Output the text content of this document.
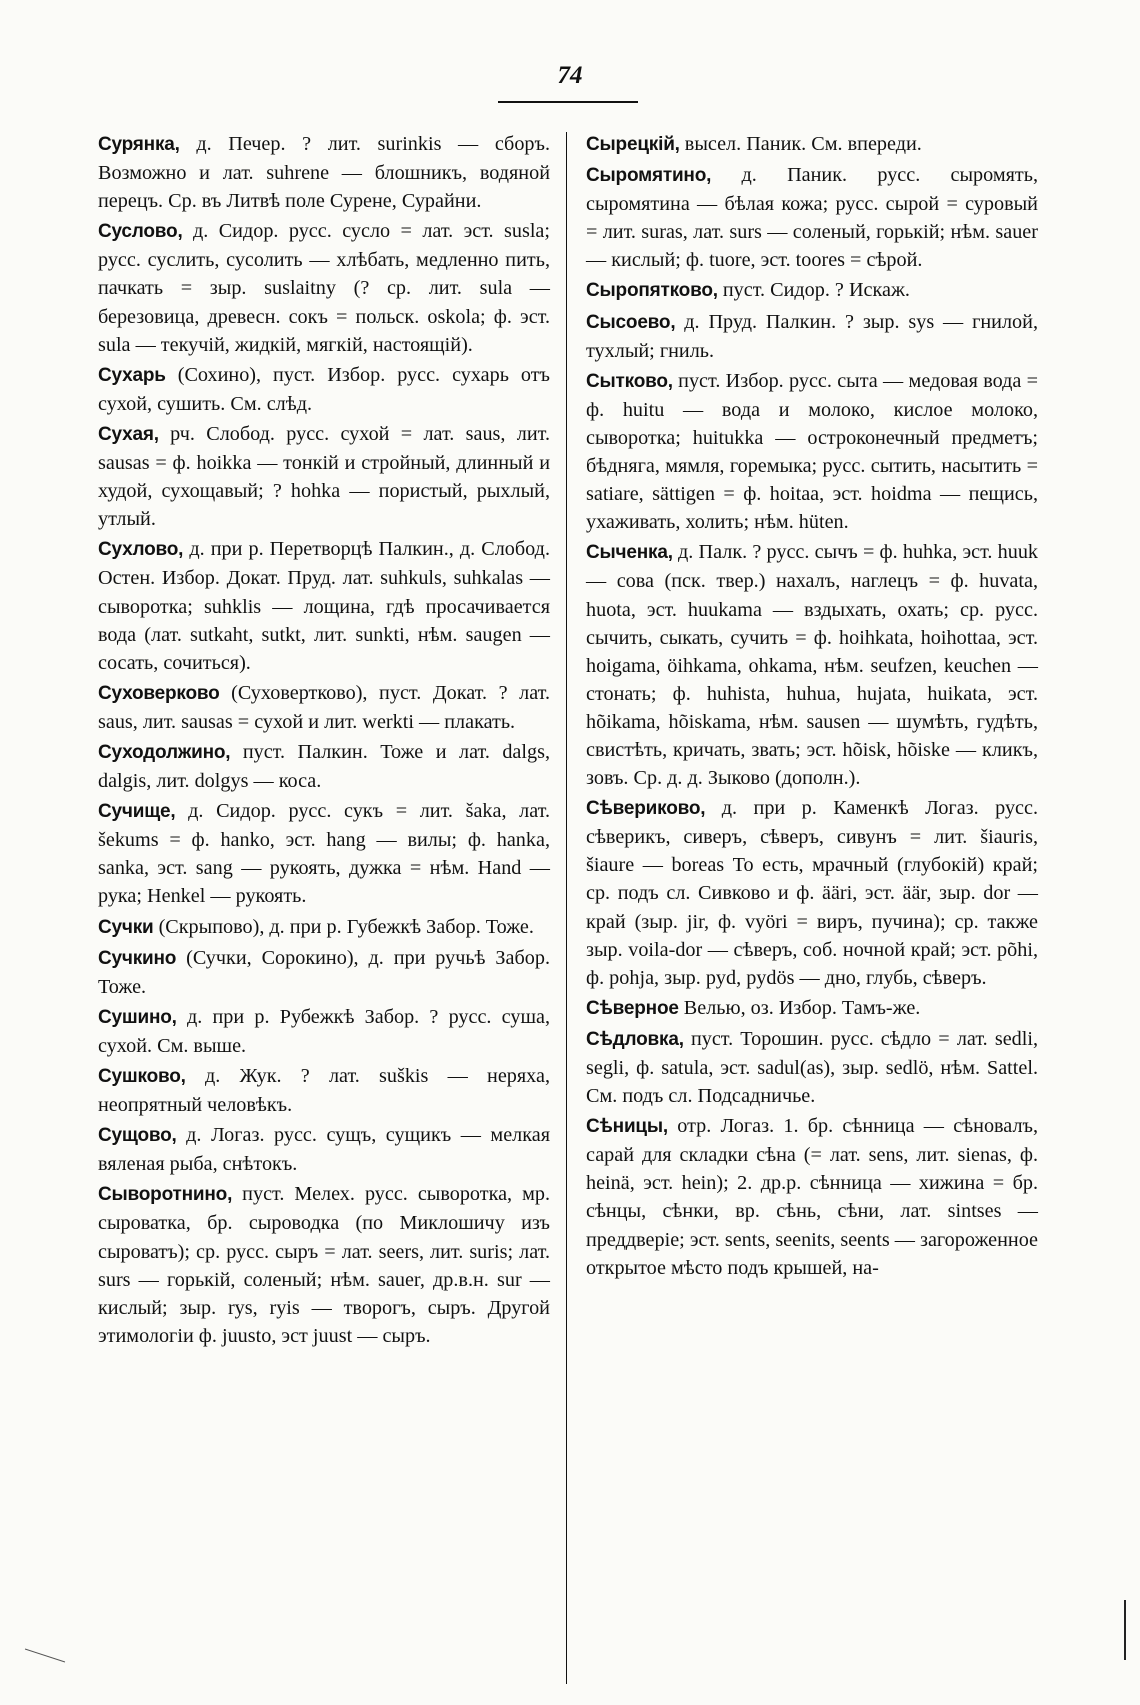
74

Сурянка, д. Печер. ? лит. surinkis — сборъ. Возможно и лат. suhrene — блошникъ, водяной перецъ. Ср. въ Литвѣ поле Сурене, Сурайни.

Суслово, д. Сидор. русс. сусло = лат. эст. susla; русс. суслить, сусолить — хлѣбать, медленно пить, пачкать = зыр. suslaitny (? ср. лит. sula — березовица, древесн. сокъ = польск. oskola; ф. эст. sula — текучій, жидкій, мягкій, настоящій).

Сухарь (Сохино), пуст. Избор. русс. сухарь отъ сухой, сушить. См. слѣд.

Сухая, рч. Слобод. русс. сухой = лат. saus, лит. sausas = ф. hoikka — тонкій и стройный, длинный и худой, сухощавый; ? hohka — пористый, рыхлый, утлый.

Сухлово, д. при р. Перетворцѣ Палкин., д. Слобод. Остен. Избор. Докат. Пруд. лат. suhkuls, suhkalas — сыворотка; suhklis — лощина, гдѣ просачивается вода (лат. sutkaht, sutkt, лит. sunkti, нѣм. saugen — сосать, сочиться).

Суховерково (Суховертково), пуст. Докат. ? лат. saus, лит. sausas = сухой и лит. werkti — плакать.

Суходолжино, пуст. Палкин. Тоже и лат. dalgs, dalgis, лит. dolgys — коса.

Сучище, д. Сидор. русс. сукъ = лит. šaka, лат. šekums = ф. hanko, эст. hang — вилы; ф. hanka, sanka, эст. sang — рукоять, дужка = нѣм. Hand — рука; Henkel — рукоять.

Сучки (Скрыпово), д. при р. Губежкѣ Забор. Тоже.

Сучкино (Сучки, Сорокино), д. при ручьѣ Забор. Тоже.

Сушино, д. при р. Рубежкѣ Забор. ? русс. суша, сухой. См. выше.

Сушково, д. Жук. ? лат. suškis — неряха, неопрятный человѣкъ.

Сущово, д. Логаз. русс. сущъ, сущикъ — мелкая вяленая рыба, снѣтокъ.

Сыворотнино, пуст. Мелех. русс. сыворотка, мр. сыроватка, бр. сыроводка (по Миклошичу изъ сыроватъ); ср. русс. сыръ = лат. seers, лит. suris; лат. surs — горькій, соленый; нѣм. sauer, др.в.н. sur — кислый; зыр. rys, ryis — творогъ, сыръ. Другой этимологіи ф. juusto, эст juust — сыръ.

Сырецкій, высел. Паник. См. впереди.

Сыромятино, д. Паник. русс. сыромять, сыромятина — бѣлая кожа; русс. сырой = суровый = лит. suras, лат. surs — соленый, горькій; нѣм. sauer — кислый; ф. tuore, эст. toores = сѣрой.

Сыропятково, пуст. Сидор. ? Искаж.

Сысоево, д. Пруд. Палкин. ? зыр. sys — гнилой, тухлый; гниль.

Сытково, пуст. Избор. русс. сыта — медовая вода = ф. huitu — вода и молоко, кислое молоко, сыворотка; huitukka — остроконечный предметъ; бѣдняга, мямля, горемыка; русс. сытить, насытить = satiare, sättigen = ф. hoitaa, эст. hoidma — пещись, ухаживать, холить; нѣм. hüten.

Сыченка, д. Палк. ? русс. сычъ = ф. huhka, эст. huuk — сова (пск. твер.) нахалъ, наглецъ = ф. huvata, huota, эст. huukama — вздыхать, охать; ср. русс. сычить, сыкать, сучить = ф. hoihkata, hoihottaa, эст. hoigama, öihkama, ohkama, нѣм. seufzen, keuchen — стонать; ф. huhista, huhua, hujata, huikata, эст. hõikama, hõiskama, нѣм. sausen — шумѣть, гудѣть, свистѣть, кричать, звать; эст. hõisk, hõiske — кликъ, зовъ. Ср. д. д. Зыково (дополн.).

Сѣвериково, д. при р. Каменкѣ Логаз. русс. сѣверикъ, сиверъ, сѣверъ, сивунъ = лит. šiauris, šiaure — boreas То есть, мрачный (глубокій) край; ср. подъ сл. Сивково и ф. ääri, эст. äär, зыр. dor — край (зыр. jir, ф. vyöri = виръ, пучина); ср. также зыр. voila-dor — сѣверъ, соб. ночной край; эст. põhi, ф. pohja, зыр. pyd, pydös — дно, глубь, сѣверъ.

Сѣверное Велью, оз. Избор. Тамъ-же.

Сѣдловка, пуст. Торошин. русс. сѣдло = лат. sedli, segli, ф. satula, эст. sadul(as), зыр. sedlö, нѣм. Sattel. См. подъ сл. Подсадничье.

Сѣницы, отр. Логаз. 1. бр. сѣнница — сѣновалъ, сарай для складки сѣна (= лат. sens, лит. sienas, ф. heinä, эст. hein); 2. др.р. сѣнница — хижина = бр. сѣнцы, сѣнки, вр. сѣнь, сѣни, лат. sintses — преддверіе; эст. sents, seenits, seents — загороженное открытое мѣсто подъ крышей, на-
